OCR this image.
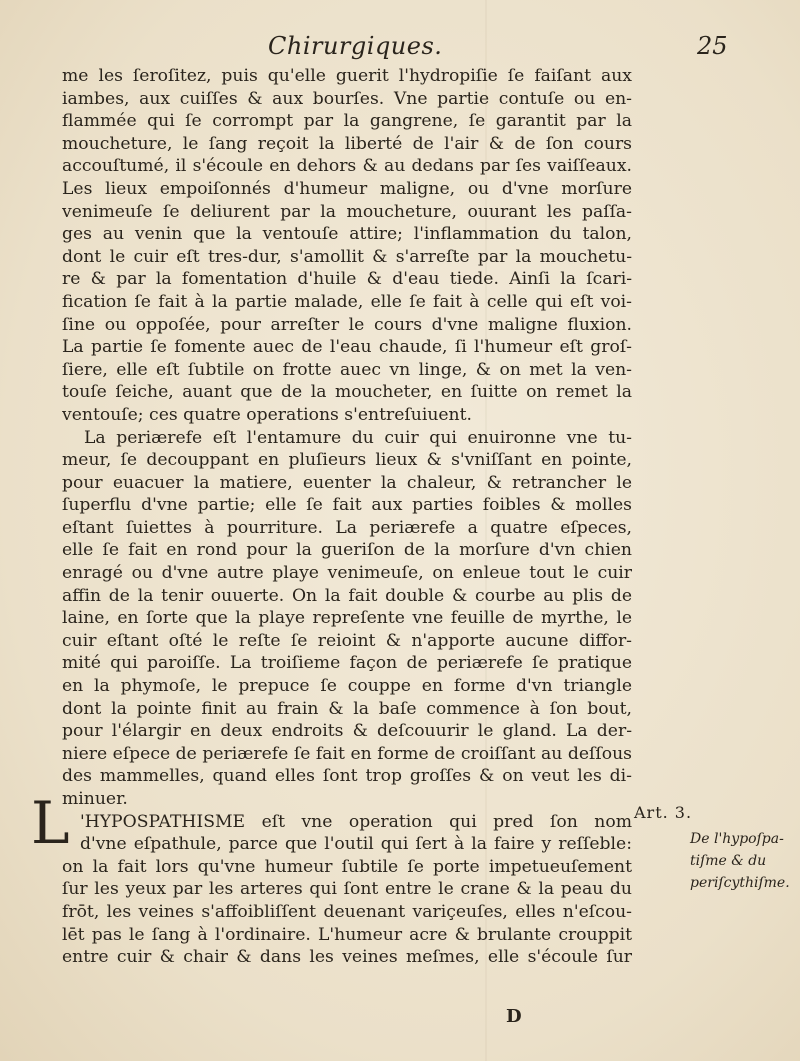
Chirurgiques.	25
me les ſeroſitez, puis qu'elle guerit l'hydropiſie ſe faiſant aux
iambes, aux cuiſſes & aux bourſes. Vne partie contuſe ou en-
flammée qui ſe corrompt par la gangrene, ſe garantit par la
moucheture, le ſang reçoit la liberté de l'air & de ſon cours
accouſtumé, il s'écoule en dehors & au dedans par ſes vaiſſeaux.
Les lieux empoiſonnés d'humeur maligne, ou d'vne morſure
venimeuſe ſe deliurent par la moucheture, ouurant les paſſa-
ges au venin que la ventouſe attire; l'inflammation du talon,
dont le cuir eſt tres-dur, s'amollit & s'arreſte par la mouchetu-
re & par la fomentation d'huile & d'eau tiede. Ainſi la ſcari-
fication ſe fait à la partie malade, elle ſe fait à celle qui eſt voi-
ſine ou oppoſée, pour arreſter le cours d'vne maligne fluxion.
La partie ſe fomente auec de l'eau chaude, ſi l'humeur eſt groſ-
ſiere, elle eſt ſubtile on frotte auec vn linge, & on met la ven-
touſe ſeiche, auant que de la moucheter, en ſuitte on remet la
ventouſe; ces quatre operations s'entreſuiuent.
La periærefe eſt l'entamure du cuir qui enuironne vne tu-
meur, ſe decouppant en pluſieurs lieux & s'vniſſant en pointe,
pour euacuer la matiere, euenter la chaleur, & retrancher le
ſuperflu d'vne partie; elle ſe fait aux parties foibles & molles
eſtant ſuiettes à pourriture. La periærefe a quatre eſpeces,
elle ſe fait en rond pour la gueriſon de la morſure d'vn chien
enragé ou d'vne autre playe venimeuſe, on enleue tout le cuir
affin de la tenir ouuerte. On la fait double & courbe au plis de
laine, en ſorte que la playe repreſente vne feuille de myrthe, le
cuir eſtant oſté le reſte ſe reioint & n'apporte aucune diffor-
mité qui paroiſſe. La troiſieme façon de periærefe ſe pratique
en la phymoſe, le prepuce ſe couppe en forme d'vn triangle
dont la pointe finit au frain & la baſe commence à ſon bout,
pour l'élargir en deux endroits & deſcouurir le gland. La der-
niere eſpece de periærefe ſe fait en forme de croiſſant au deſſous
des mammelles, quand elles ſont trop groſſes & on veut les di-
minuer.
'HYPOSPATHISME eſt vne operation qui pred ſon nom
d'vne eſpathule, parce que l'outil qui ſert à la faire y reſſeble:
on la fait lors qu'vne humeur ſubtile ſe porte impetueuſement
ſur les yeux par les arteres qui ſont entre le crane & la peau du
frōt, les veines s'affoibliſſent deuenant variçeuſes, elles n'eſcou-
lēt pas le ſang à l'ordinaire. L'humeur acre & brulante crouppit
entre cuir & chair & dans les veines meſmes, elle s'écoule ſur
L	Art. 3.
De l'hypoſpa-
tiſme & du
periſcythiſme.
D
